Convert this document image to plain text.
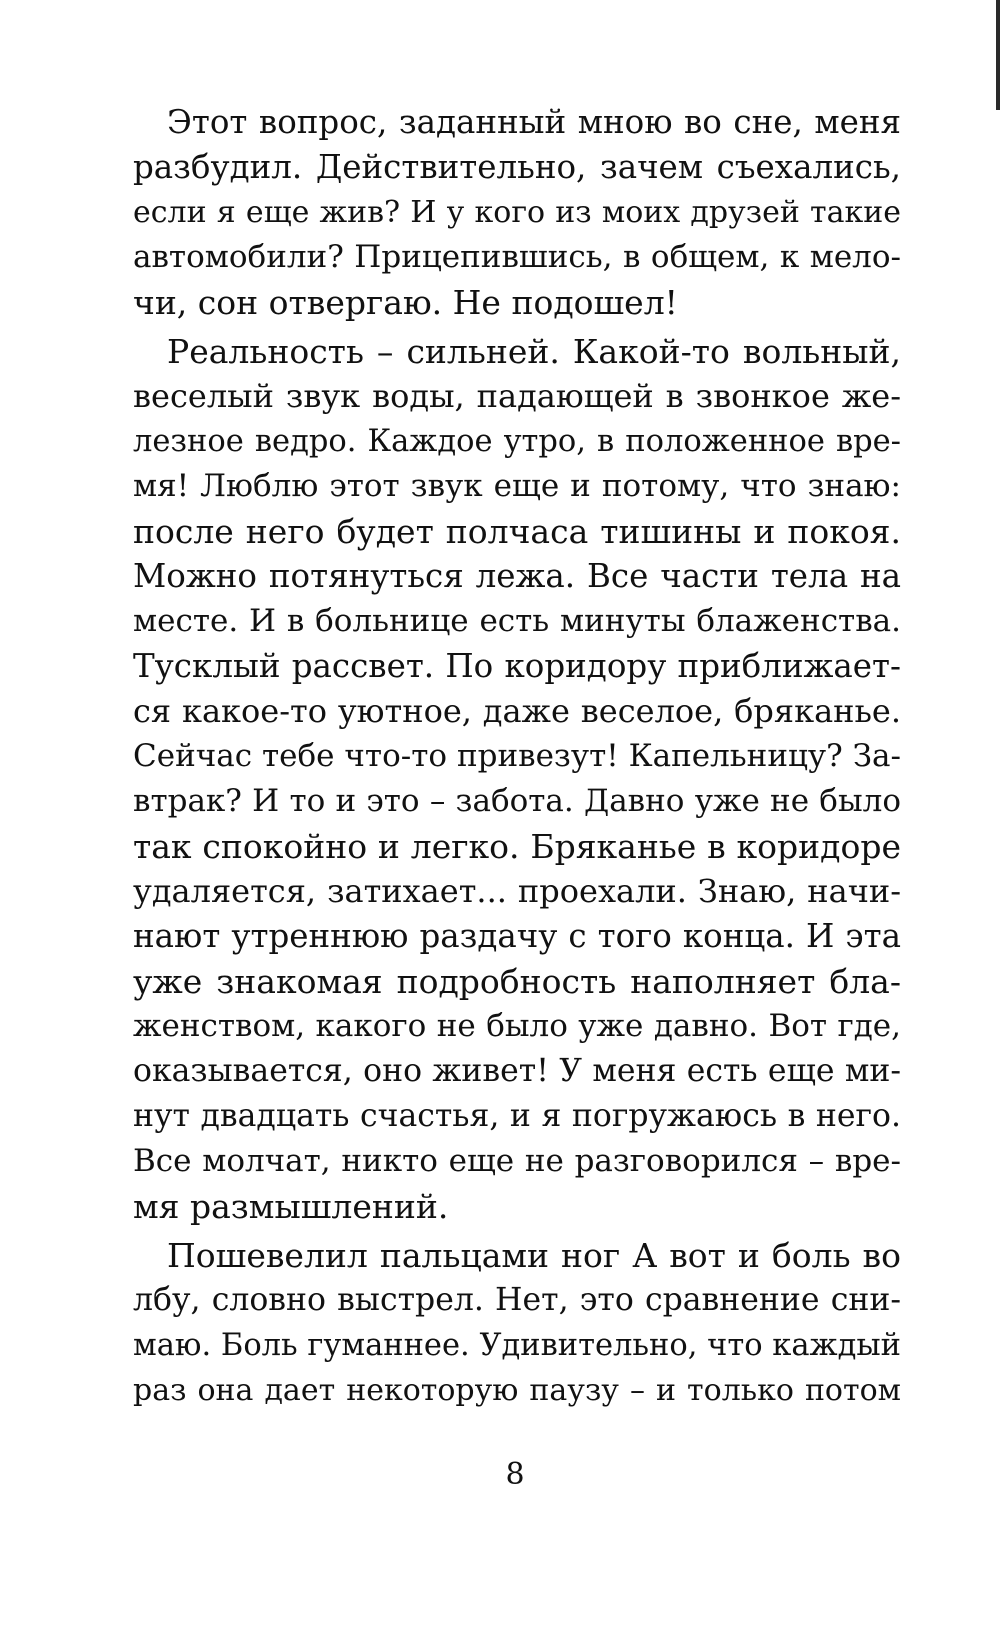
Этот вопрос, заданный мною во сне, меня
разбудил. Действительно, зачем съехались,
если я еще жив? И у кого из моих друзей такие
автомобили? Прицепившись, в общем, к мело-
чи, сон отвергаю. Не подошел!
Реальность – сильней. Какой-то вольный,
веселый звук воды, падающей в звонкое же-
лезное ведро. Каждое утро, в положенное вре-
мя! Люблю этот звук еще и потому, что знаю:
после него будет полчаса тишины и покоя.
Можно потянуться лежа. Все части тела на
месте. И в больнице есть минуты блаженства.
Тусклый рассвет. По коридору приближает-
ся какое-то уютное, даже веселое, бряканье.
Сейчас тебе что-то привезут! Капельницу? За-
втрак? И то и это – забота. Давно уже не было
так спокойно и легко. Бряканье в коридоре
удаляется, затихает... проехали. Знаю, начи-
нают утреннюю раздачу с того конца. И эта
уже знакомая подробность наполняет бла-
женством, какого не было уже давно. Вот где,
оказывается, оно живет! У меня есть еще ми-
нут двадцать счастья, и я погружаюсь в него.
Все молчат, никто еще не разговорился – вре-
мя размышлений.
Пошевелил пальцами ног А вот и боль во
лбу, словно выстрел. Нет, это сравнение сни-
маю. Боль гуманнее. Удивительно, что каждый
раз она дает некоторую паузу – и только потом
8
